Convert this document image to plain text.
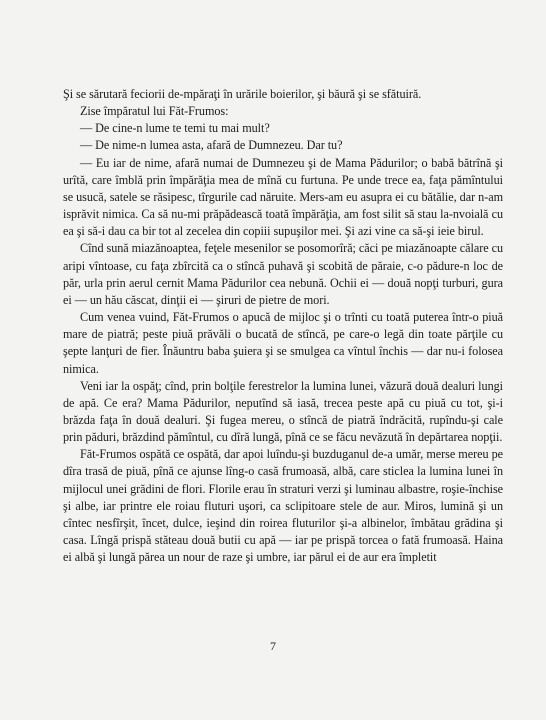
Şi se sărutară feciorii de-mpăraţi în urările boierilor, şi băură şi se sfătuiră.

Zise împăratul lui Făt-Frumos:

— De cine-n lume te temi tu mai mult?

— De nime-n lumea asta, afară de Dumnezeu. Dar tu?

— Eu iar de nime, afară numai de Dumnezeu şi de Mama Pădurilor; o babă bătrînă şi urîtă, care îmblă prin împărăţia mea de mînă cu furtuna. Pe unde trece ea, faţa pămîntului se usucă, satele se răsipesc, tîrgurile cad năruite. Mers-am eu asupra ei cu bătălie, dar n-am isprăvit nimica. Ca să nu-mi prăpădească toată împărăţia, am fost silit să stau la-nvoială cu ea şi să-i dau ca bir tot al zecelea din copiii supuşilor mei. Şi azi vine ca să-şi ieie birul.

Cînd sună miazănoaptea, feţele mesenilor se posomorîră; căci pe miazănoapte călare cu aripi vîntoase, cu faţa zbîrcită ca o stîncă puhavă şi scobită de păraie, c-o pădure-n loc de păr, urla prin aerul cernit Mama Pădurilor cea nebună. Ochii ei — două nopţi turburi, gura ei — un hău căscat, dinţii ei — şiruri de pietre de mori.

Cum venea vuind, Făt-Frumos o apucă de mijloc şi o trînti cu toată puterea într-o piuă mare de piatră; peste piuă prăvăli o bucată de stîncă, pe care-o legă din toate părţile cu şepte lanţuri de fier. Înăuntru baba şuiera şi se smulgea ca vîntul închis — dar nu-i folosea nimica.

Veni iar la ospăţ; cînd, prin bolţile ferestrelor la lumina lunei, văzură două dealuri lungi de apă. Ce era? Mama Pădurilor, neputînd să iasă, trecea peste apă cu piuă cu tot, şi-i brăzda faţa în două dealuri. Şi fugea mereu, o stîncă de piatră îndrăcită, rupîndu-şi cale prin păduri, brăzdind pămîntul, cu dîră lungă, pînă ce se făcu nevăzută în depărtarea nopţii.

Făt-Frumos ospătă ce ospătă, dar apoi luîndu-şi buzduganul de-a umăr, merse mereu pe dîra trasă de piuă, pînă ce ajunse lîng-o casă frumoasă, albă, care sticlea la lumina lunei în mijlocul unei grădini de flori. Florile erau în straturi verzi şi luminau albastre, roşie-închise şi albe, iar printre ele roiau fluturi uşori, ca sclipitoare stele de aur. Miros, lumină şi un cîntec nesfîrşit, încet, dulce, ieşind din roirea fluturilor şi-a albinelor, îmbătau grădina şi casa. Lîngă prispă stăteau două butii cu apă — iar pe prispă torcea o fată frumoasă. Haina ei albă şi lungă părea un nour de raze şi umbre, iar părul ei de aur era împletit

7
